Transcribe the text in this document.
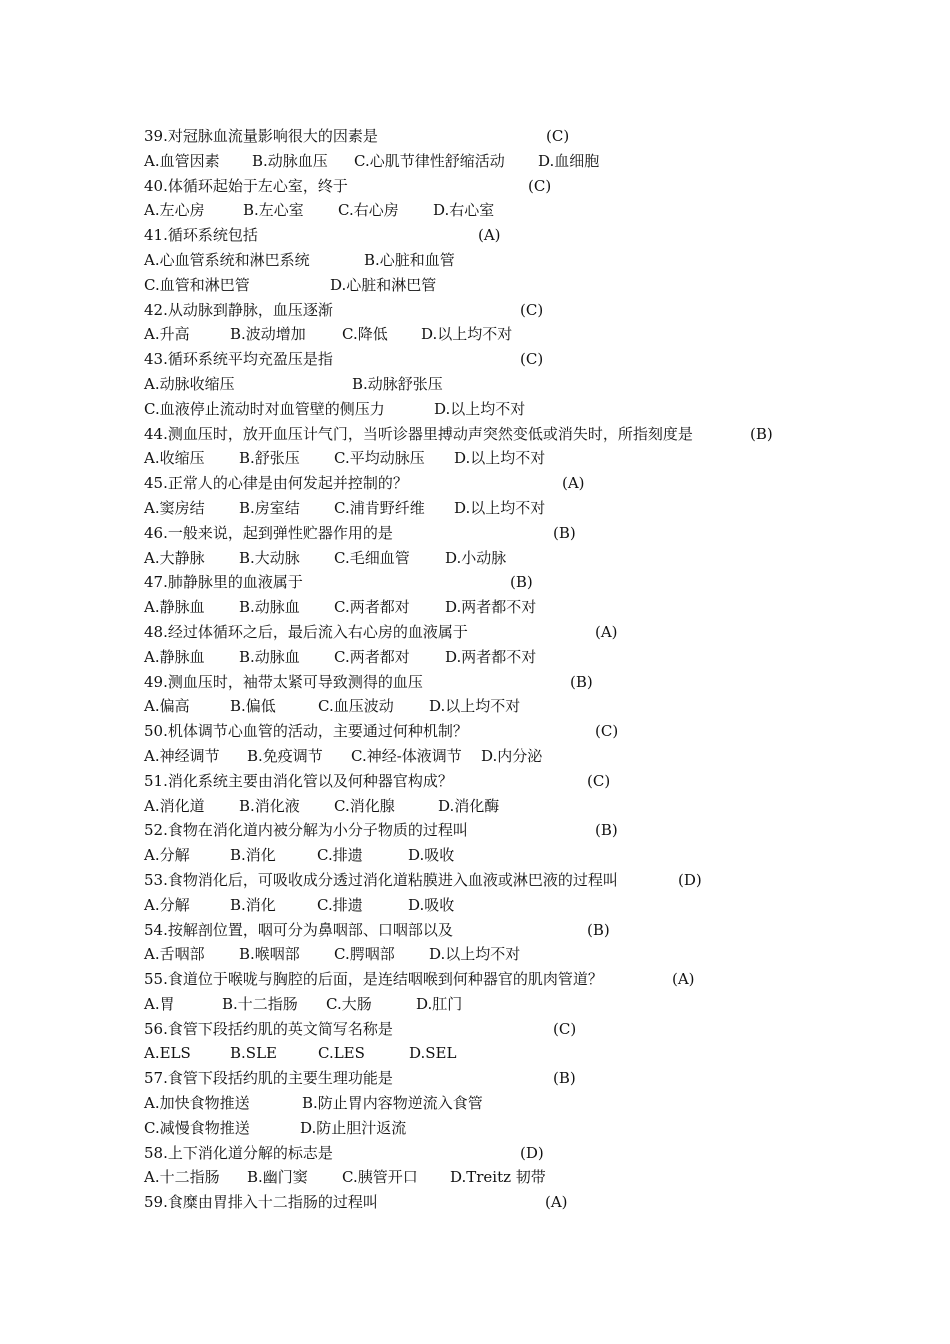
39.对冠脉血流量影响很大的因素是	(C)
A.血管因素 B.动脉血压 C.心肌节律性舒缩活动 D.血细胞
40.体循环起始于左心室，终于	(C)
A.左心房	B.左心室 C.右心房 D.右心室
41.循环系统包括	(A)
A.心血管系统和淋巴系统	B.心脏和血管
C.血管和淋巴管	D.心脏和淋巴管
42.从动脉到静脉，血压逐渐	(C)
A.升高	B.波动增加 C.降低 D.以上均不对
43.循环系统平均充盈压是指	(C)
A.动脉收缩压	B.动脉舒张压
C.血液停止流动时对血管壁的侧压力	D.以上均不对
44.测血压时，放开血压计气门，当听诊器里搏动声突然变低或消失时，所指刻度是	(B)
A.收缩压 B.舒张压 C.平均动脉压 D.以上均不对
45.正常人的心律是由何发起并控制的？	(A)
A.窦房结 B.房室结 C.浦肯野纤维 D.以上均不对
46.一般来说，起到弹性贮器作用的是	(B)
A.大静脉 B.大动脉 C.毛细血管 D.小动脉
47.肺静脉里的血液属于	(B)
A.静脉血 B.动脉血 C.两者都对 D.两者都不对
48.经过体循环之后，最后流入右心房的血液属于	(A)
A.静脉血 B.动脉血 C.两者都对 D.两者都不对
49.测血压时，袖带太紧可导致测得的血压	(B)
A.偏高	B.偏低	C.血压波动 D.以上均不对
50.机体调节心血管的活动，主要通过何种机制？	(C)
A.神经调节 B.免疫调节 C.神经-体液调节 D.内分泌
51.消化系统主要由消化管以及何种器官构成？	(C)
A.消化道 B.消化液 C.消化腺	D.消化酶
52.食物在消化道内被分解为小分子物质的过程叫	(B)
A.分解	B.消化	C.排遗	D.吸收
53.食物消化后，可吸收成分透过消化道粘膜进入血液或淋巴液的过程叫	(D)
A.分解	B.消化	C.排遗	D.吸收
54.按解剖位置，咽可分为鼻咽部、口咽部以及	(B)
A.舌咽部 B.喉咽部 C.腭咽部 D.以上均不对
55.食道位于喉咙与胸腔的后面，是连结咽喉到何种器官的肌肉管道？	(A)
A.胃	B.十二指肠 C.大肠	D.肛门
56.食管下段括约肌的英文简写名称是	(C)
A.ELS	B.SLE	C.LES	D.SEL
57.食管下段括约肌的主要生理功能是	(B)
A.加快食物推送	B.防止胃内容物逆流入食管
C.减慢食物推送	D.防止胆汁返流
58.上下消化道分解的标志是	(D)
A.十二指肠 B.幽门窦 C.胰管开口 D.Treitz 韧带
59.食糜由胃排入十二指肠的过程叫	(A)
